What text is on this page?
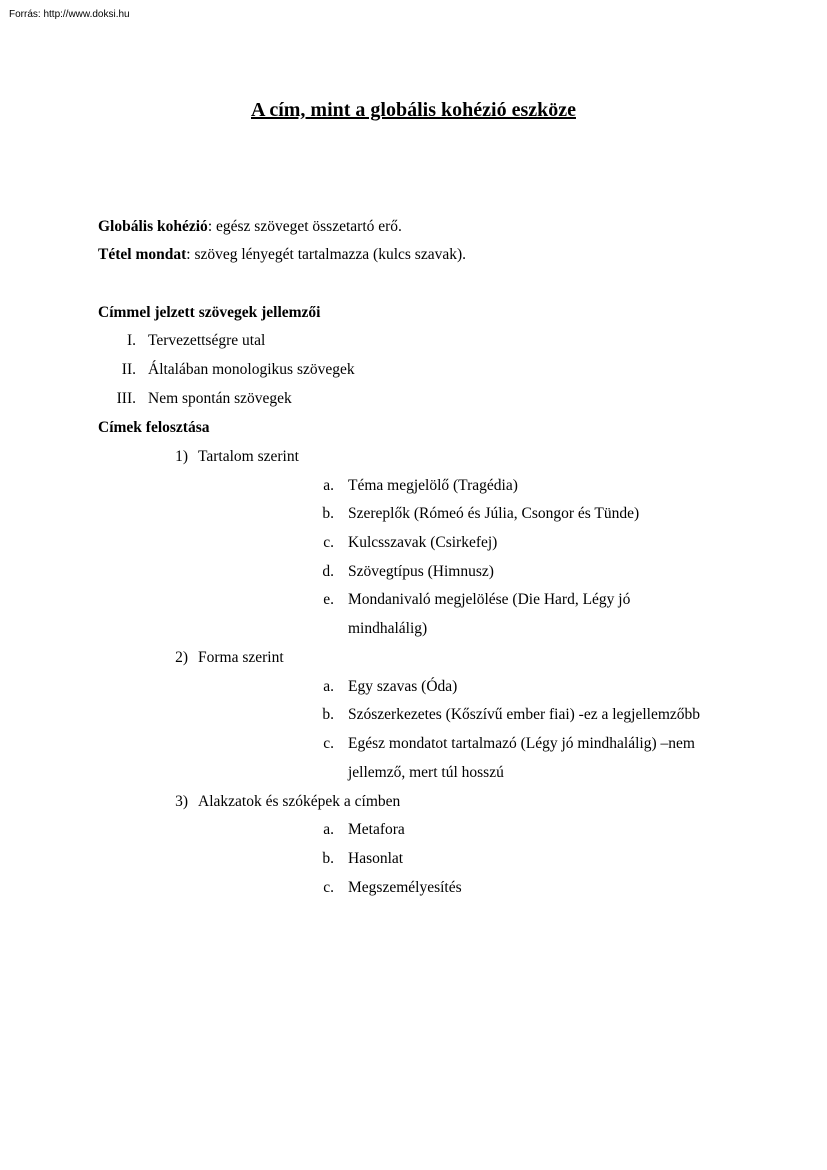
Forrás: http://www.doksi.hu
A cím, mint a globális kohézió eszköze
Globális kohézió: egész szöveget összetartó erő.
Tétel mondat: szöveg lényegét tartalmazza (kulcs szavak).
Címmel jelzett szövegek jellemzői
I. Tervezettségre utal
II. Általában monologikus szövegek
III. Nem spontán szövegek
Címek felosztása
1) Tartalom szerint
a. Téma megjelölő (Tragédia)
b. Szereplők (Rómeó és Júlia, Csongor és Tünde)
c. Kulcsszavak (Csirkefej)
d. Szövegtípus (Himnusz)
e. Mondanivaló megjelölése (Die Hard, Légy jó
mindhalálig)
2) Forma szerint
a. Egy szavas (Óda)
b. Szószerkezetes (Kőszívű ember fiai) -ez a legjellemzőbb
c. Egész mondatot tartalmazó (Légy jó mindhalálig) –nem
jellemző, mert túl hosszú
3) Alakzatok és szóképek a címben
a. Metafora
b. Hasonlat
c. Megszemélyesítés
